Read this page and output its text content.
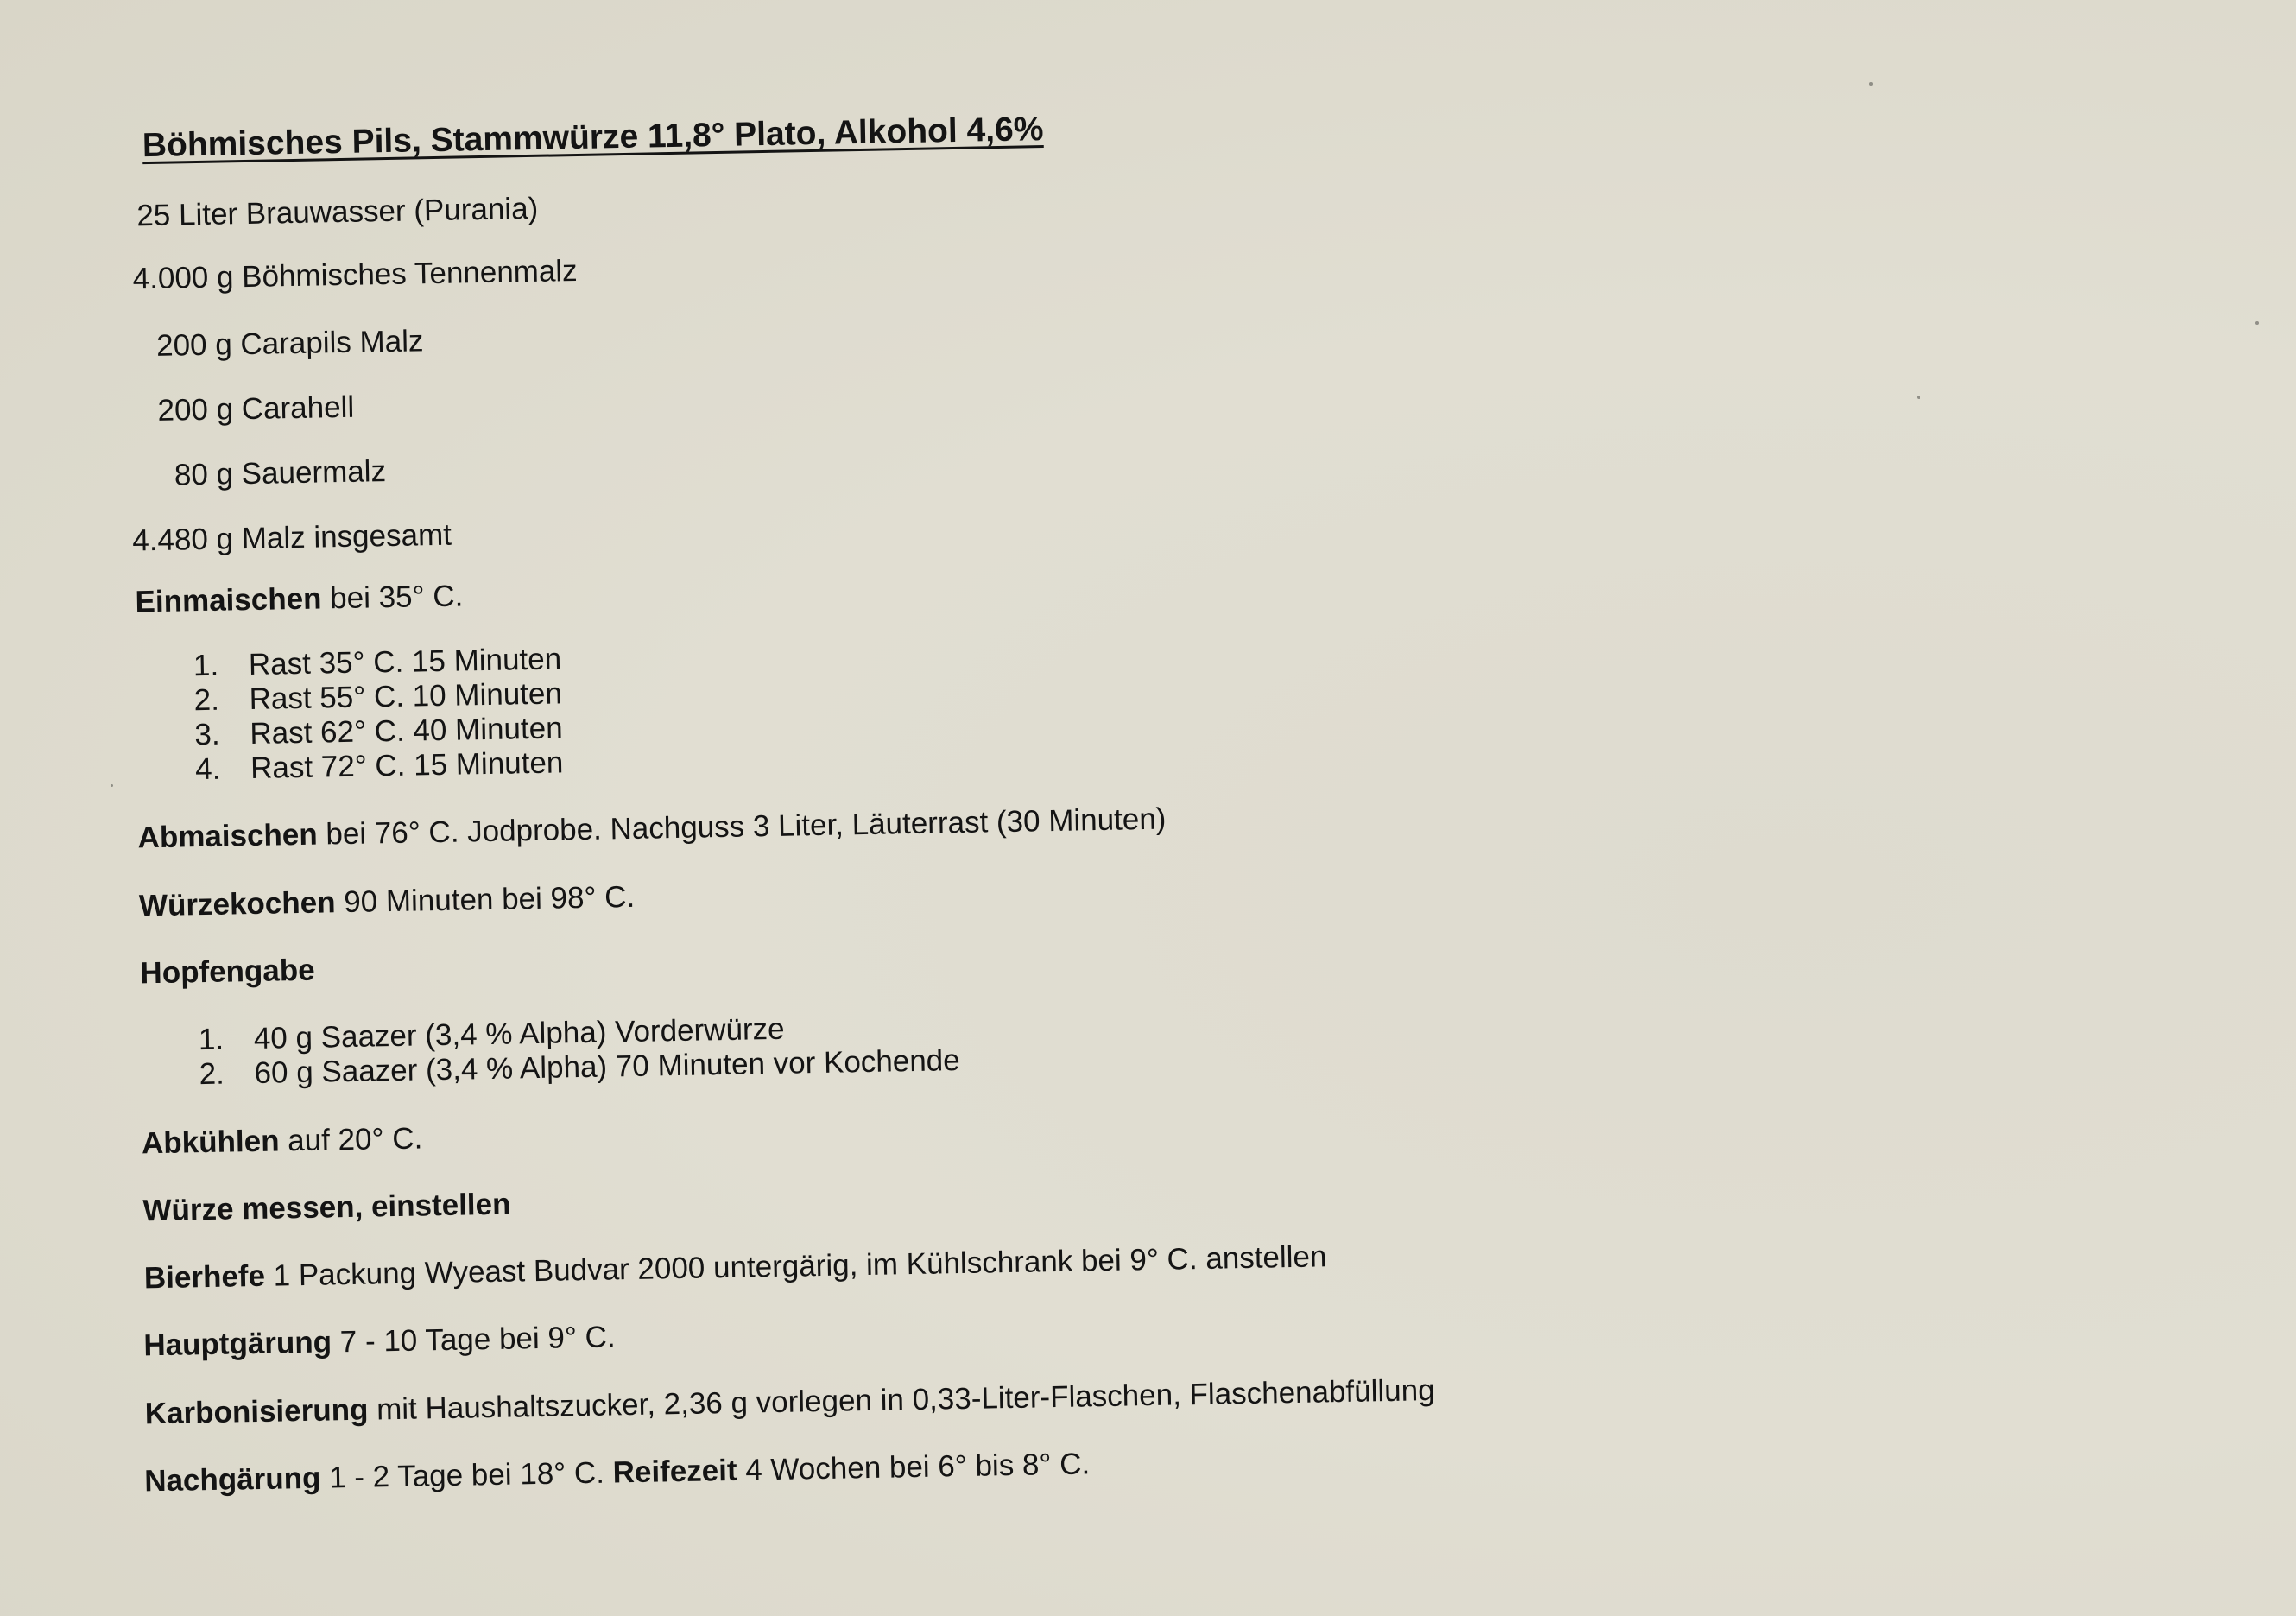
Böhmisches Pils, Stammwürze 11,8° Plato, Alkohol 4,6%
25 Liter Brauwasser (Purania)
4.000 g Böhmisches Tennenmalz
200 g Carapils Malz
200 g Carahell
80 g Sauermalz
4.480 g Malz insgesamt
Einmaischen bei 35° C.
1. Rast 35° C. 15 Minuten
2. Rast 55° C. 10 Minuten
3. Rast 62° C. 40 Minuten
4. Rast 72° C. 15 Minuten
Abmaischen bei 76° C. Jodprobe. Nachguss 3 Liter, Läuterrast (30 Minuten)
Würzekochen 90 Minuten bei 98° C.
Hopfengabe
1. 40 g Saazer (3,4 % Alpha) Vorderwürze
2. 60 g Saazer (3,4 % Alpha) 70 Minuten vor Kochende
Abkühlen auf 20° C.
Würze messen, einstellen
Bierhefe 1 Packung Wyeast Budvar 2000 untergärig, im Kühlschrank bei 9° C. anstellen
Hauptgärung 7 - 10 Tage bei 9° C.
Karbonisierung mit Haushaltszucker, 2,36 g vorlegen in 0,33-Liter-Flaschen, Flaschenabfüllung
Nachgärung 1 - 2 Tage bei 18° C. Reifezeit 4 Wochen bei 6° bis 8° C.
